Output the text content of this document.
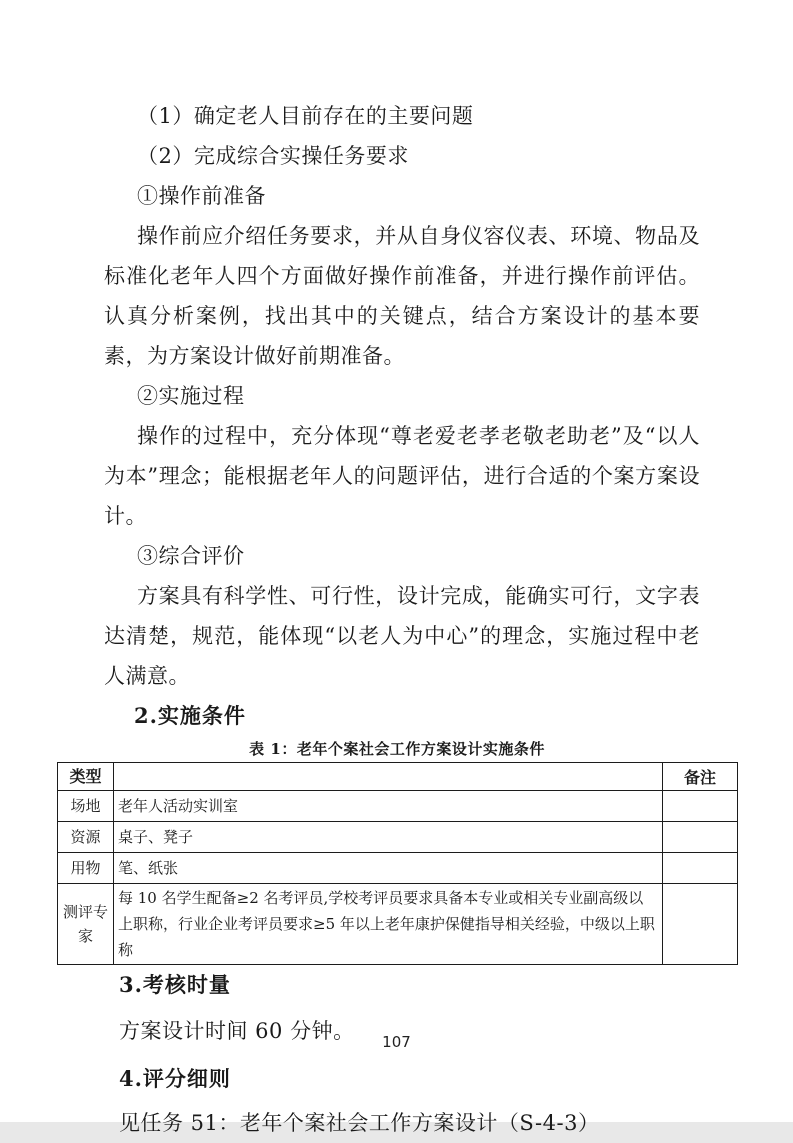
（1）确定老人目前存在的主要问题

（2）完成综合实操任务要求

①操作前准备

操作前应介绍任务要求，并从自身仪容仪表、环境、物品及标准化老年人四个方面做好操作前准备，并进行操作前评估。认真分析案例，找出其中的关键点，结合方案设计的基本要素，为方案设计做好前期准备。

②实施过程

操作的过程中，充分体现“尊老爱老孝老敬老助老”及“以人为本”理念；能根据老年人的问题评估，进行合适的个案方案设计。

③综合评价

方案具有科学性、可行性，设计完成，能确实可行，文字表达清楚，规范，能体现“以老人为中心”的理念，实施过程中老人满意。

2.实施条件
表 1：老年个案社会工作方案设计实施条件
类型		备注
场地	老年人活动实训室	
资源	桌子、凳子	
用物	笔、纸张	
测评专家	每 10 名学生配备≥2 名考评员,学校考评员要求具备本专业或相关专业副高级以上职称，行业企业考评员要求≥5 年以上老年康护保健指导相关经验，中级以上职称	
3.考核时量

方案设计时间 60 分钟。

4.评分细则

见任务 51：老年个案社会工作方案设计（S-4-3）

107
